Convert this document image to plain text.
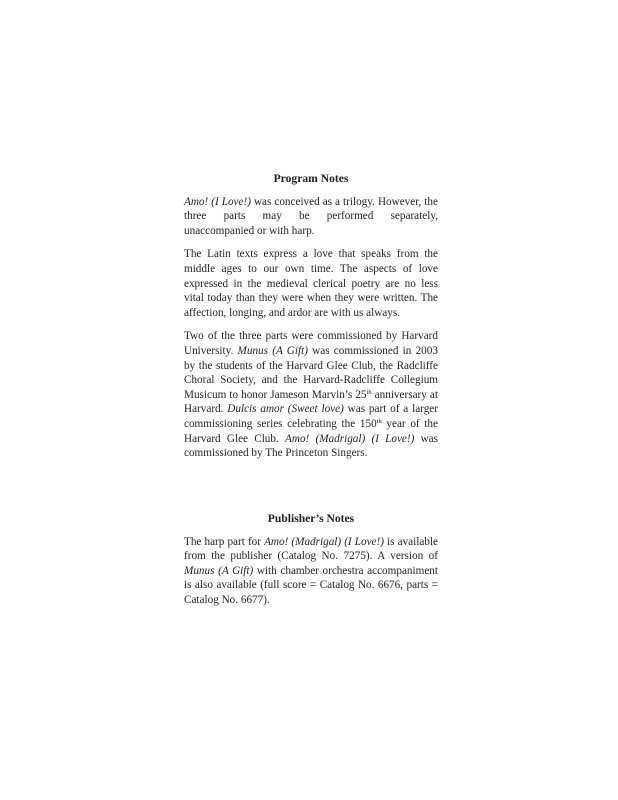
Program Notes

Amo! (I Love!) was conceived as a trilogy. However, the three parts may be performed separately, unaccompanied or with harp.

The Latin texts express a love that speaks from the middle ages to our own time. The aspects of love expressed in the medieval clerical poetry are no less vital today than they were when they were written. The affection, longing, and ardor are with us always.

Two of the three parts were commissioned by Harvard University. Munus (A Gift) was commissioned in 2003 by the students of the Harvard Glee Club, the Radcliffe Choral Society, and the Harvard-Radcliffe Collegium Musicum to honor Jameson Marvin’s 25th anniversary at Harvard. Dulcis amor (Sweet love) was part of a larger commissioning series celebrating the 150th year of the Harvard Glee Club. Amo! (Madrigal) (I Love!) was commissioned by The Princeton Singers.

Publisher’s Notes

The harp part for Amo! (Madrigal) (I Love!) is available from the publisher (Catalog No. 7275). A version of Munus (A Gift) with chamber orchestra accompaniment is also available (full score = Catalog No. 6676, parts = Catalog No. 6677).
